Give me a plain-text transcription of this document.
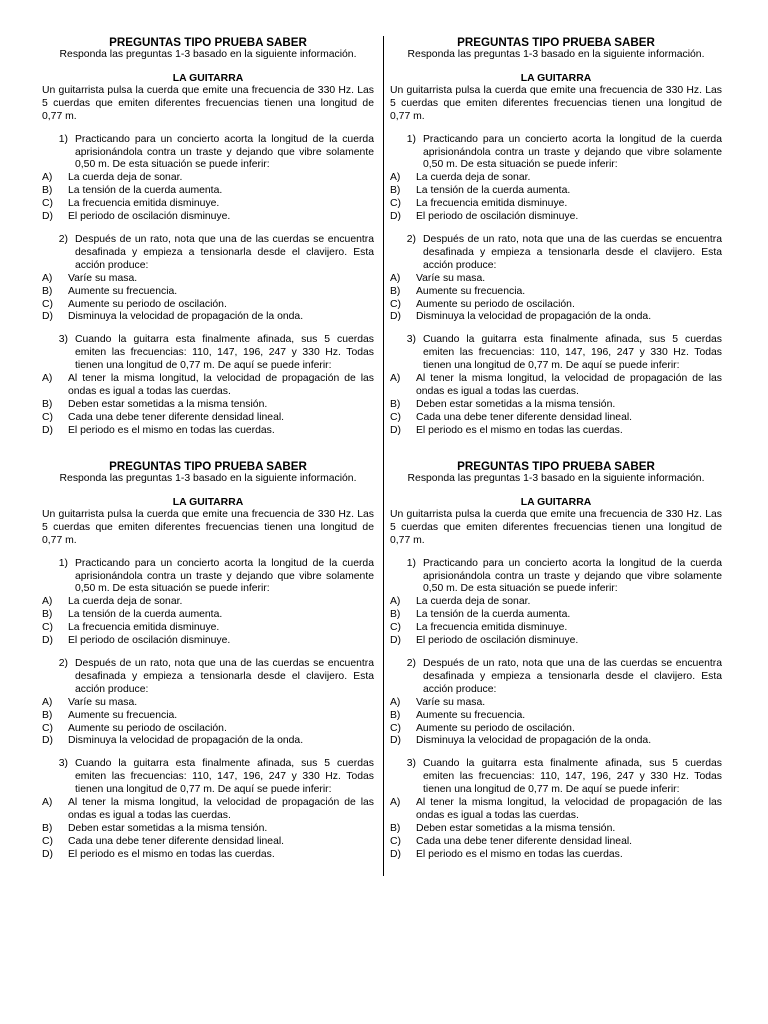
PREGUNTAS TIPO PRUEBA SABER
Responda las preguntas 1-3 basado en la siguiente información.
LA GUITARRA
Un guitarrista pulsa la cuerda que emite una frecuencia de 330 Hz. Las 5 cuerdas que emiten diferentes frecuencias tienen una longitud de 0,77 m.
1) Practicando para un concierto acorta la longitud de la cuerda aprisionándola contra un traste y dejando que vibre solamente 0,50 m. De esta situación se puede inferir:
A)	La cuerda deja de sonar.
B)	La tensión de la cuerda aumenta.
C)	La frecuencia emitida disminuye.
D)	El periodo de oscilación disminuye.
2) Después de un rato, nota que una de las cuerdas se encuentra desafinada y empieza a tensionarla desde el clavijero. Esta acción produce:
A)	Varíe su masa.
B)	Aumente su frecuencia.
C)	Aumente su periodo de oscilación.
D)	Disminuya la velocidad de propagación de la onda.
3) Cuando la guitarra esta finalmente afinada, sus 5 cuerdas emiten las frecuencias: 110, 147, 196, 247 y 330 Hz. Todas tienen una longitud de 0,77 m. De aquí se puede inferir:
A)	Al tener la misma longitud, la velocidad de propagación de las ondas es igual a todas las cuerdas.
B)	Deben estar sometidas a la misma tensión.
C)	Cada una debe tener diferente densidad lineal.
D)	El periodo es el mismo en todas las cuerdas.
PREGUNTAS TIPO PRUEBA SABER
Responda las preguntas 1-3 basado en la siguiente información.
LA GUITARRA
Un guitarrista pulsa la cuerda que emite una frecuencia de 330 Hz. Las 5 cuerdas que emiten diferentes frecuencias tienen una longitud de 0,77 m.
1) Practicando para un concierto acorta la longitud de la cuerda aprisionándola contra un traste y dejando que vibre solamente 0,50 m. De esta situación se puede inferir:
A)	La cuerda deja de sonar.
B)	La tensión de la cuerda aumenta.
C)	La frecuencia emitida disminuye.
D)	El periodo de oscilación disminuye.
2) Después de un rato, nota que una de las cuerdas se encuentra desafinada y empieza a tensionarla desde el clavijero. Esta acción produce:
A)	Varíe su masa.
B)	Aumente su frecuencia.
C)	Aumente su periodo de oscilación.
D)	Disminuya la velocidad de propagación de la onda.
3) Cuando la guitarra esta finalmente afinada, sus 5 cuerdas emiten las frecuencias: 110, 147, 196, 247 y 330 Hz. Todas tienen una longitud de 0,77 m. De aquí se puede inferir:
A)	Al tener la misma longitud, la velocidad de propagación de las ondas es igual a todas las cuerdas.
B)	Deben estar sometidas a la misma tensión.
C)	Cada una debe tener diferente densidad lineal.
D)	El periodo es el mismo en todas las cuerdas.
PREGUNTAS TIPO PRUEBA SABER
Responda las preguntas 1-3 basado en la siguiente información.
LA GUITARRA
Un guitarrista pulsa la cuerda que emite una frecuencia de 330 Hz. Las 5 cuerdas que emiten diferentes frecuencias tienen una longitud de 0,77 m.
1) Practicando para un concierto acorta la longitud de la cuerda aprisionándola contra un traste y dejando que vibre solamente 0,50 m. De esta situación se puede inferir:
A)	La cuerda deja de sonar.
B)	La tensión de la cuerda aumenta.
C)	La frecuencia emitida disminuye.
D)	El periodo de oscilación disminuye.
2) Después de un rato, nota que una de las cuerdas se encuentra desafinada y empieza a tensionarla desde el clavijero. Esta acción produce:
A)	Varíe su masa.
B)	Aumente su frecuencia.
C)	Aumente su periodo de oscilación.
D)	Disminuya la velocidad de propagación de la onda.
3) Cuando la guitarra esta finalmente afinada, sus 5 cuerdas emiten las frecuencias: 110, 147, 196, 247 y 330 Hz. Todas tienen una longitud de 0,77 m. De aquí se puede inferir:
A)	Al tener la misma longitud, la velocidad de propagación de las ondas es igual a todas las cuerdas.
B)	Deben estar sometidas a la misma tensión.
C)	Cada una debe tener diferente densidad lineal.
D)	El periodo es el mismo en todas las cuerdas.
PREGUNTAS TIPO PRUEBA SABER
Responda las preguntas 1-3 basado en la siguiente información.
LA GUITARRA
Un guitarrista pulsa la cuerda que emite una frecuencia de 330 Hz. Las 5 cuerdas que emiten diferentes frecuencias tienen una longitud de 0,77 m.
1) Practicando para un concierto acorta la longitud de la cuerda aprisionándola contra un traste y dejando que vibre solamente 0,50 m. De esta situación se puede inferir:
A)	La cuerda deja de sonar.
B)	La tensión de la cuerda aumenta.
C)	La frecuencia emitida disminuye.
D)	El periodo de oscilación disminuye.
2) Después de un rato, nota que una de las cuerdas se encuentra desafinada y empieza a tensionarla desde el clavijero. Esta acción produce:
A)	Varíe su masa.
B)	Aumente su frecuencia.
C)	Aumente su periodo de oscilación.
D)	Disminuya la velocidad de propagación de la onda.
3) Cuando la guitarra esta finalmente afinada, sus 5 cuerdas emiten las frecuencias: 110, 147, 196, 247 y 330 Hz. Todas tienen una longitud de 0,77 m. De aquí se puede inferir:
A)	Al tener la misma longitud, la velocidad de propagación de las ondas es igual a todas las cuerdas.
B)	Deben estar sometidas a la misma tensión.
C)	Cada una debe tener diferente densidad lineal.
D)	El periodo es el mismo en todas las cuerdas.
